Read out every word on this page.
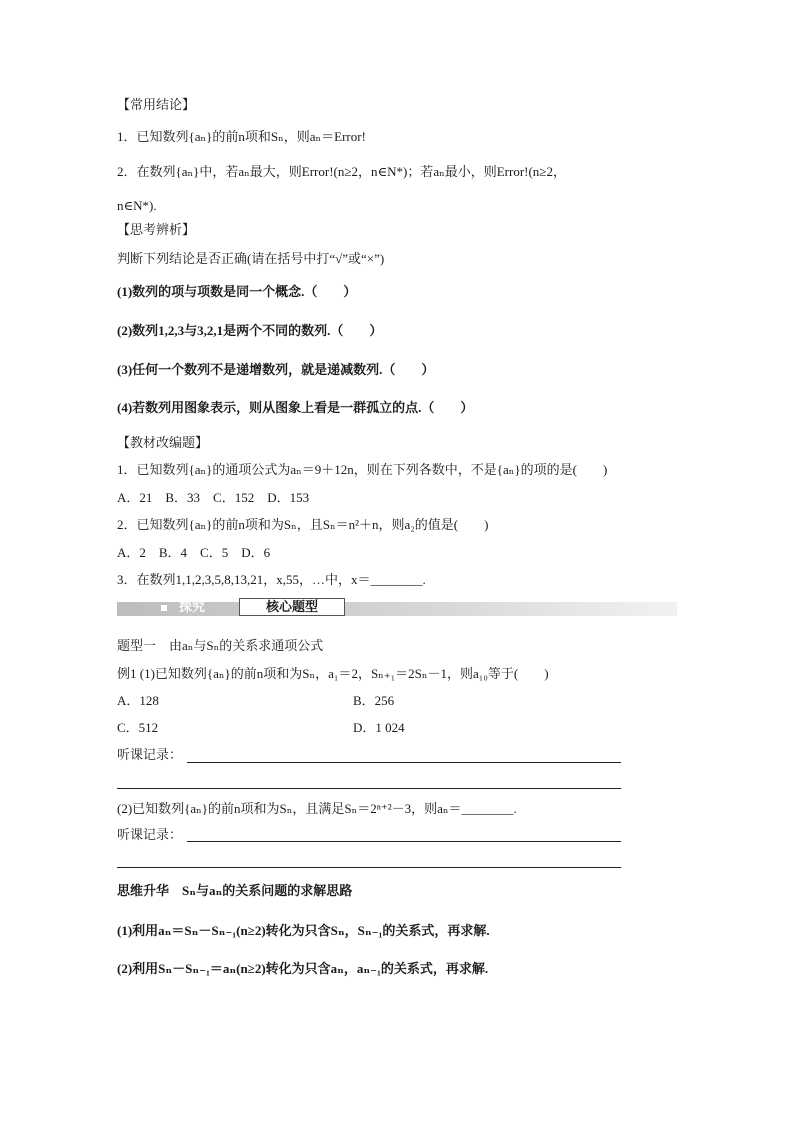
【常用结论】
1．已知数列{aₙ}的前n项和Sₙ，则aₙ＝Error!
2．在数列{aₙ}中，若aₙ最大，则Error!(n≥2，n∈N*)；若aₙ最小，则Error!(n≥2，
n∈N*).
【思考辨析】
判断下列结论是否正确(请在括号中打“√”或“×”)
(1)数列的项与项数是同一个概念.（　　）
(2)数列1,2,3与3,2,1是两个不同的数列.（　　）
(3)任何一个数列不是递增数列，就是递减数列.（　　）
(4)若数列用图象表示，则从图象上看是一群孤立的点.（　　）
【教材改编题】
1．已知数列{aₙ}的通项公式为aₙ＝9＋12n，则在下列各数中，不是{aₙ}的项的是(　　)
A．21　B．33　C．152　D．153
2．已知数列{aₙ}的前n项和为Sₙ，且Sₙ＝n²＋n，则a₂的值是(　　)
A．2　B．4　C．5　D．6
3．在数列1,1,2,3,5,8,13,21，x,55，…中，x＝________.
探究	核心题型
题型一　由aₙ与Sₙ的关系求通项公式
例1 (1)已知数列{aₙ}的前n项和为Sₙ，a₁＝2，Sₙ₊₁＝2Sₙ－1，则a₁₀等于(　　)
A．128	B．256
C．512	D．1 024
听课记录：
(2)已知数列{aₙ}的前n项和为Sₙ，且满足Sₙ＝2ⁿ⁺²－3，则aₙ＝________.
听课记录：
思维升华　Sₙ与aₙ的关系问题的求解思路
(1)利用aₙ＝Sₙ－Sₙ₋₁(n≥2)转化为只含Sₙ，Sₙ₋₁的关系式，再求解.
(2)利用Sₙ－Sₙ₋₁＝aₙ(n≥2)转化为只含aₙ，aₙ₋₁的关系式，再求解.
